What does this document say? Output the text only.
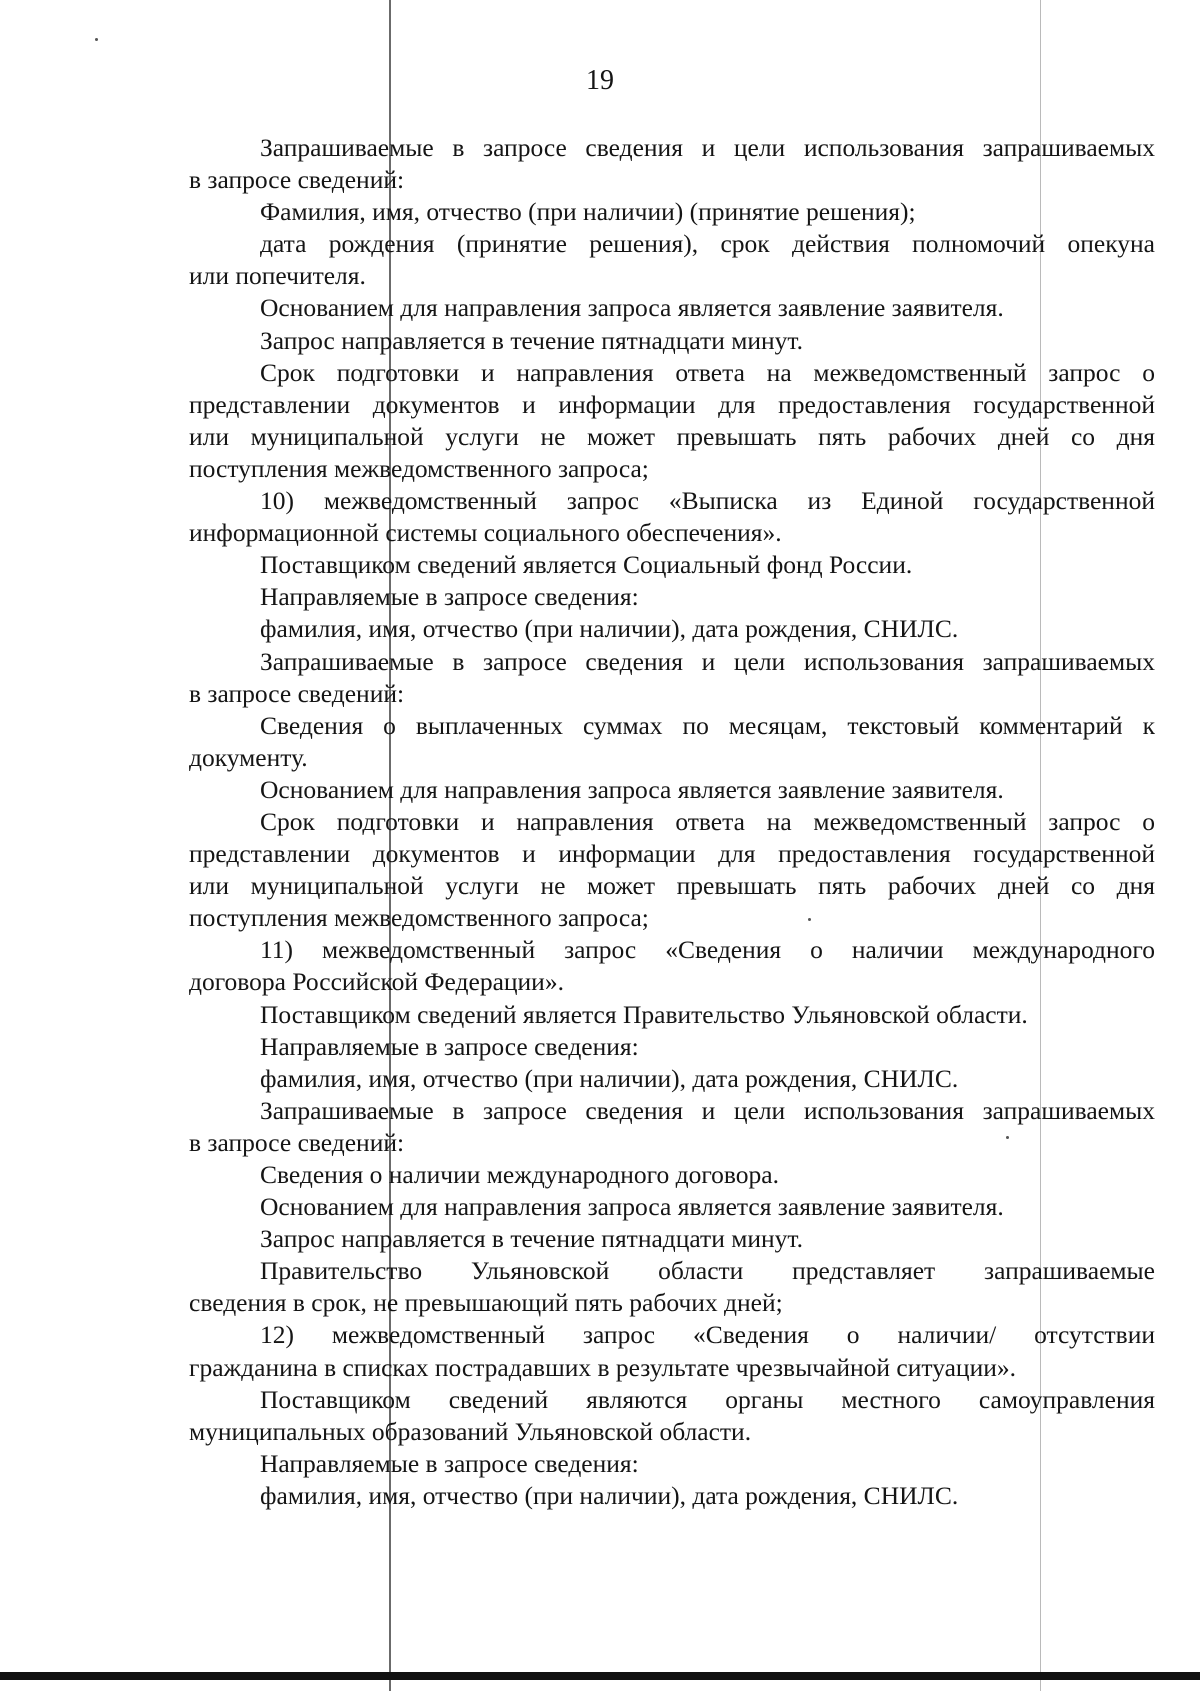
19
Запрашиваемые в запросе сведения и цели использования запрашиваемых
в запросе сведений:
Фамилия, имя, отчество (при наличии) (принятие решения);
дата рождения (принятие решения), срок действия полномочий опекуна
или попечителя.
Основанием для направления запроса является заявление заявителя.
Запрос направляется в течение пятнадцати минут.
Срок подготовки и направления ответа на межведомственный запрос о
представлении документов и информации для предоставления государственной
или муниципальной услуги не может превышать пять рабочих дней со дня
поступления межведомственного запроса;
10) межведомственный запрос «Выписка из Единой государственной
информационной системы социального обеспечения».
Поставщиком сведений является Социальный фонд России.
Направляемые в запросе сведения:
фамилия, имя, отчество (при наличии), дата рождения, СНИЛС.
Запрашиваемые в запросе сведения и цели использования запрашиваемых
в запросе сведений:
Сведения о выплаченных суммах по месяцам, текстовый комментарий к
документу.
Основанием для направления запроса является заявление заявителя.
Срок подготовки и направления ответа на межведомственный запрос о
представлении документов и информации для предоставления государственной
или муниципальной услуги не может превышать пять рабочих дней со дня
поступления межведомственного запроса;
11) межведомственный запрос «Сведения о наличии международного
договора Российской Федерации».
Поставщиком сведений является Правительство Ульяновской области.
Направляемые в запросе сведения:
фамилия, имя, отчество (при наличии), дата рождения, СНИЛС.
Запрашиваемые в запросе сведения и цели использования запрашиваемых
в запросе сведений:
Сведения о наличии международного договора.
Основанием для направления запроса является заявление заявителя.
Запрос направляется в течение пятнадцати минут.
Правительство Ульяновской области представляет запрашиваемые
сведения в срок, не превышающий пять рабочих дней;
12) межведомственный запрос «Сведения о наличии/ отсутствии
гражданина в списках пострадавших в результате чрезвычайной ситуации».
Поставщиком сведений являются органы местного самоуправления
муниципальных образований Ульяновской области.
Направляемые в запросе сведения:
фамилия, имя, отчество (при наличии), дата рождения, СНИЛС.
